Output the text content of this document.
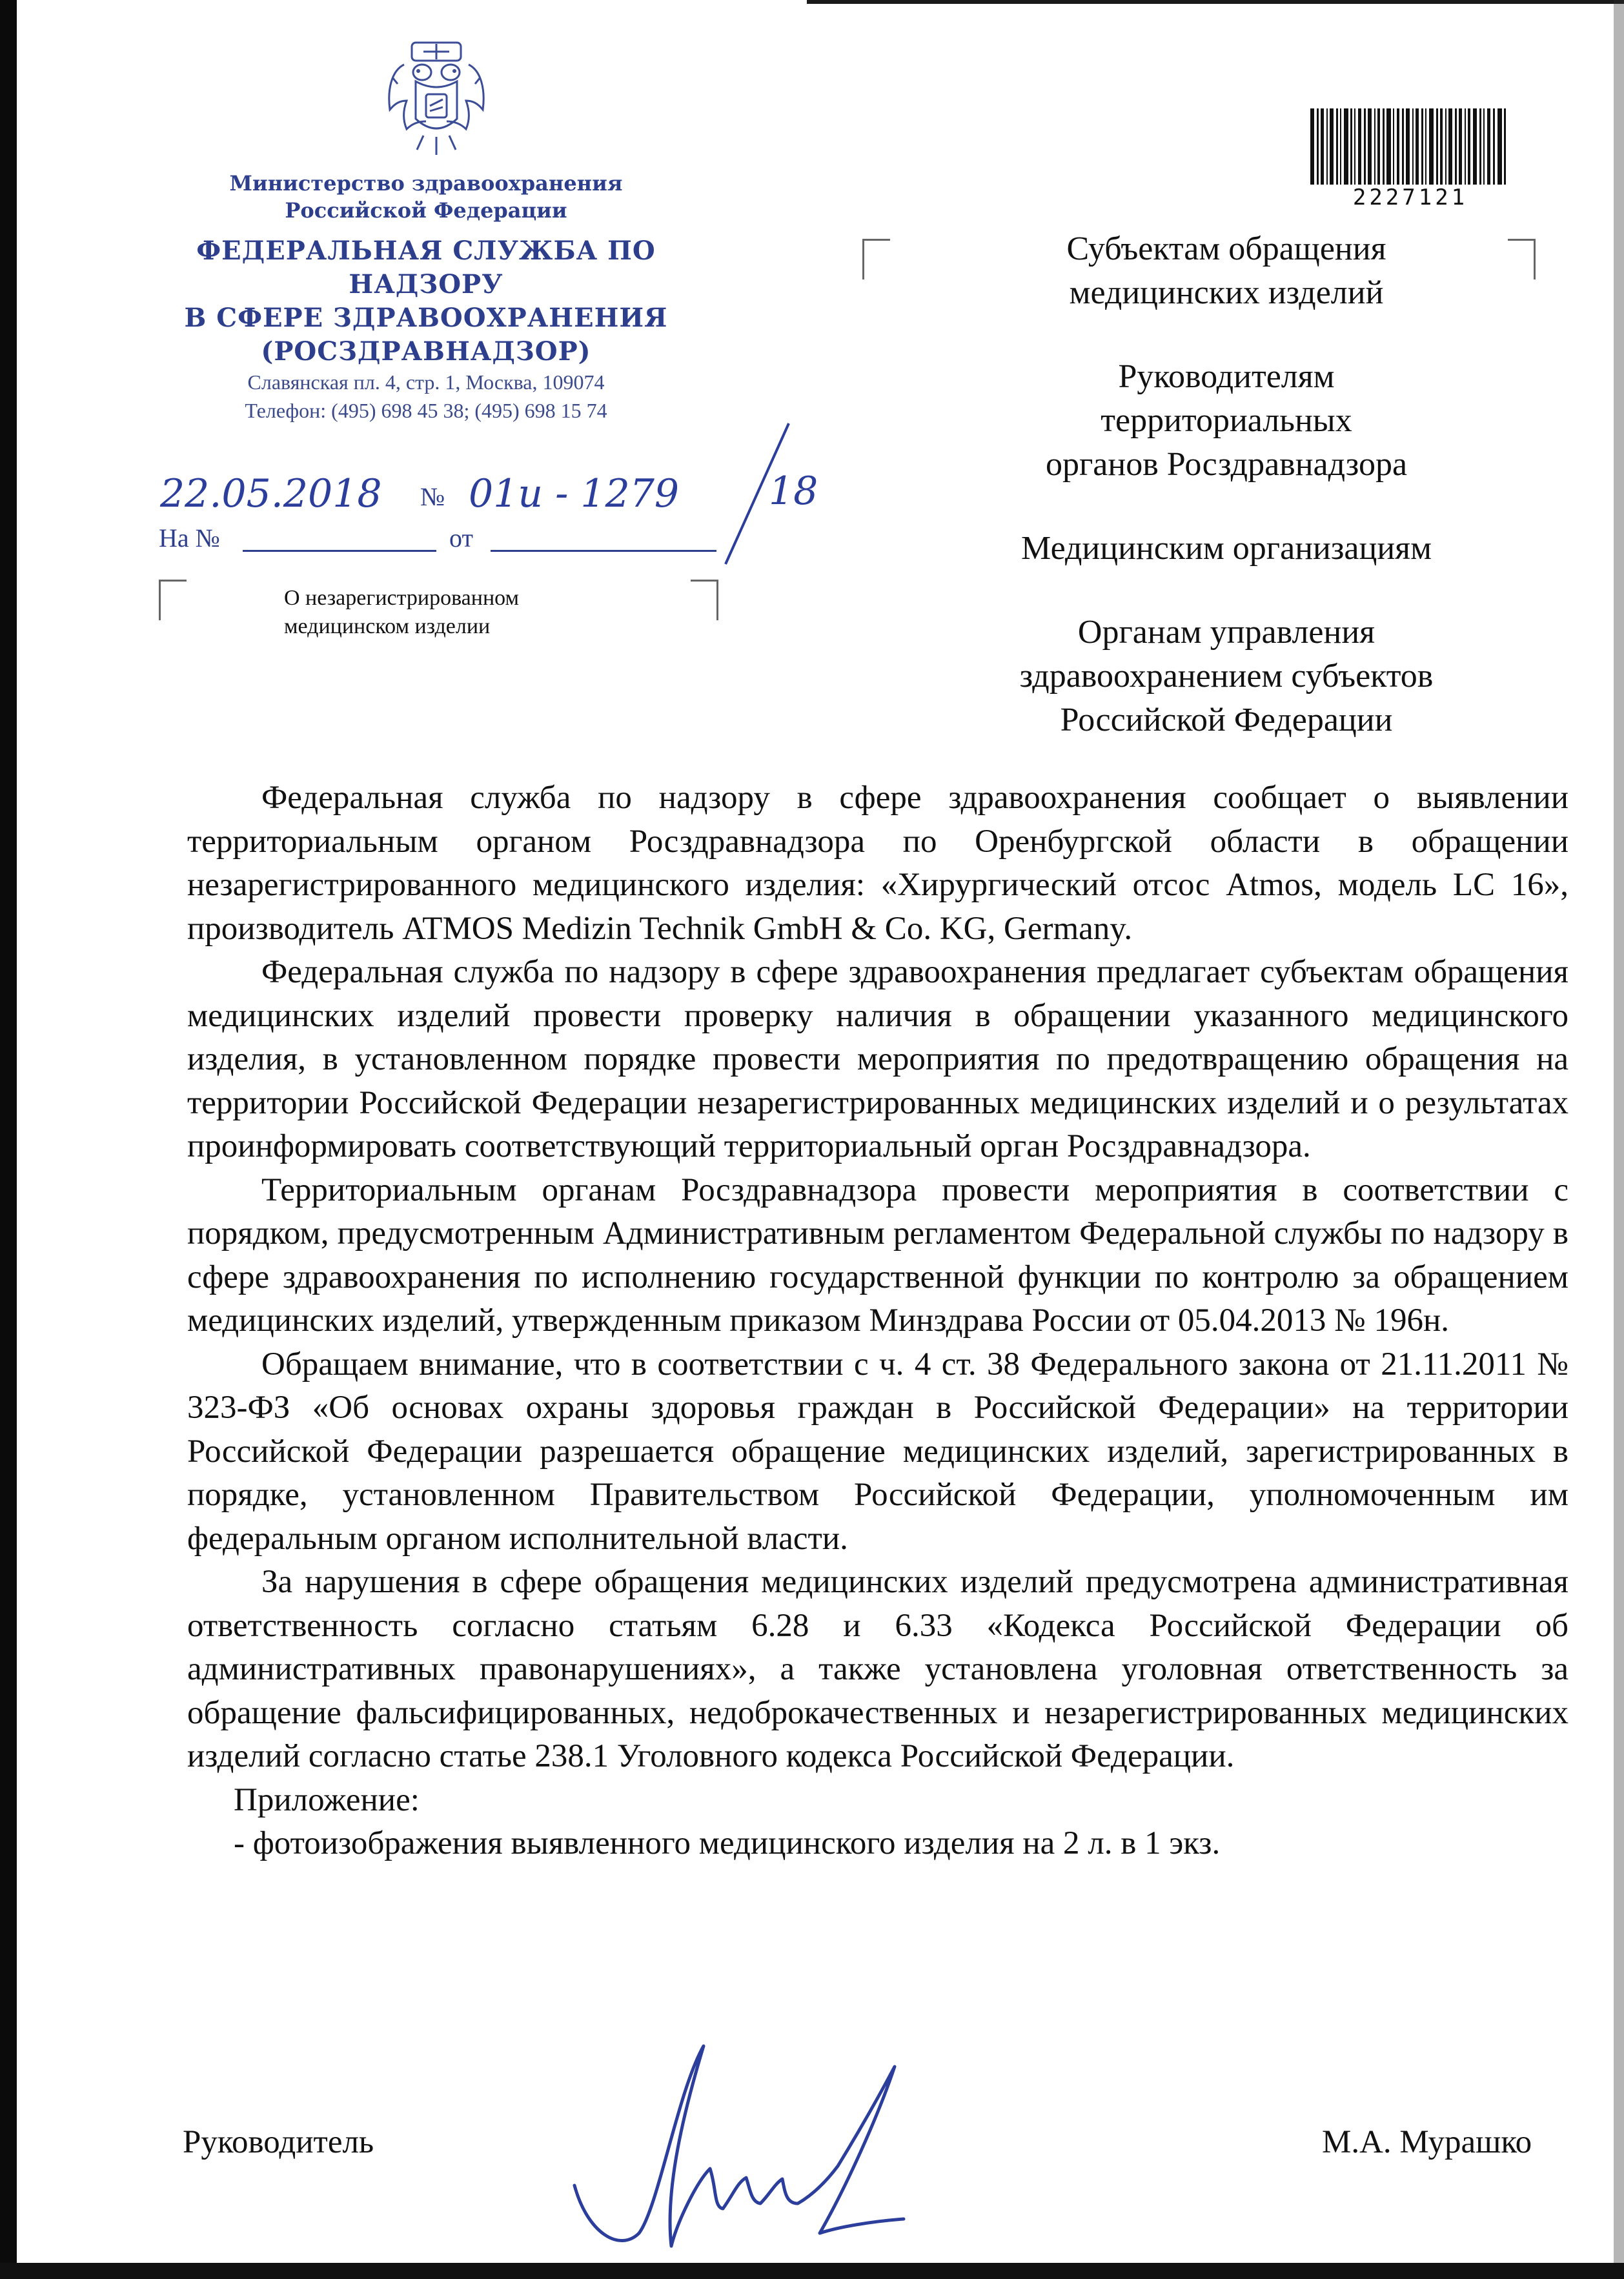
Министерство здравоохранения
Российской Федерации
ФЕДЕРАЛЬНАЯ СЛУЖБА ПО НАДЗОРУ
В СФЕРЕ ЗДРАВООХРАНЕНИЯ
(РОСЗДРАВНАДЗОР)
Славянская пл. 4, стр. 1, Москва, 109074
Телефон: (495) 698 45 38; (495) 698 15 74
22.05.2018 № 01и - 1279 18
На №	от
О незарегистрированном
медицинском изделии
2227121
Субъектам обращения
медицинских изделий
Руководителям
территориальных
органов Росздравнадзора
Медицинским организациям
Органам управления
здравоохранением субъектов
Российской Федерации

Федеральная служба по надзору в сфере здравоохранения сообщает о выявлении территориальным органом Росздравнадзора по Оренбургской области в обращении незарегистрированного медицинского изделия: «Хирургический отсос Atmos, модель LC 16», производитель ATMOS Medizin Technik GmbH & Co. KG, Germany.

Федеральная служба по надзору в сфере здравоохранения предлагает субъектам обращения медицинских изделий провести проверку наличия в обращении указанного медицинского изделия, в установленном порядке провести мероприятия по предотвращению обращения на территории Российской Федерации незарегистрированных медицинских изделий и о результатах проинформировать соответствующий территориальный орган Росздравнадзора.

Территориальным органам Росздравнадзора провести мероприятия в соответствии с порядком, предусмотренным Административным регламентом Федеральной службы по надзору в сфере здравоохранения по исполнению государственной функции по контролю за обращением медицинских изделий, утвержденным приказом Минздрава России от 05.04.2013 № 196н.

Обращаем внимание, что в соответствии с ч. 4 ст. 38 Федерального закона от 21.11.2011 № 323-ФЗ «Об основах охраны здоровья граждан в Российской Федерации» на территории Российской Федерации разрешается обращение медицинских изделий, зарегистрированных в порядке, установленном Правительством Российской Федерации, уполномоченным им федеральным органом исполнительной власти.

За нарушения в сфере обращения медицинских изделий предусмотрена административная ответственность согласно статьям 6.28 и 6.33 «Кодекса Российской Федерации об административных правонарушениях», а также установлена уголовная ответственность за обращение фальсифицированных, недоброкачественных и незарегистрированных медицинских изделий согласно статье 238.1 Уголовного кодекса Российской Федерации.

Приложение:

- фотоизображения выявленного медицинского изделия на 2 л. в 1 экз.

Руководитель	М.А. Мурашко
